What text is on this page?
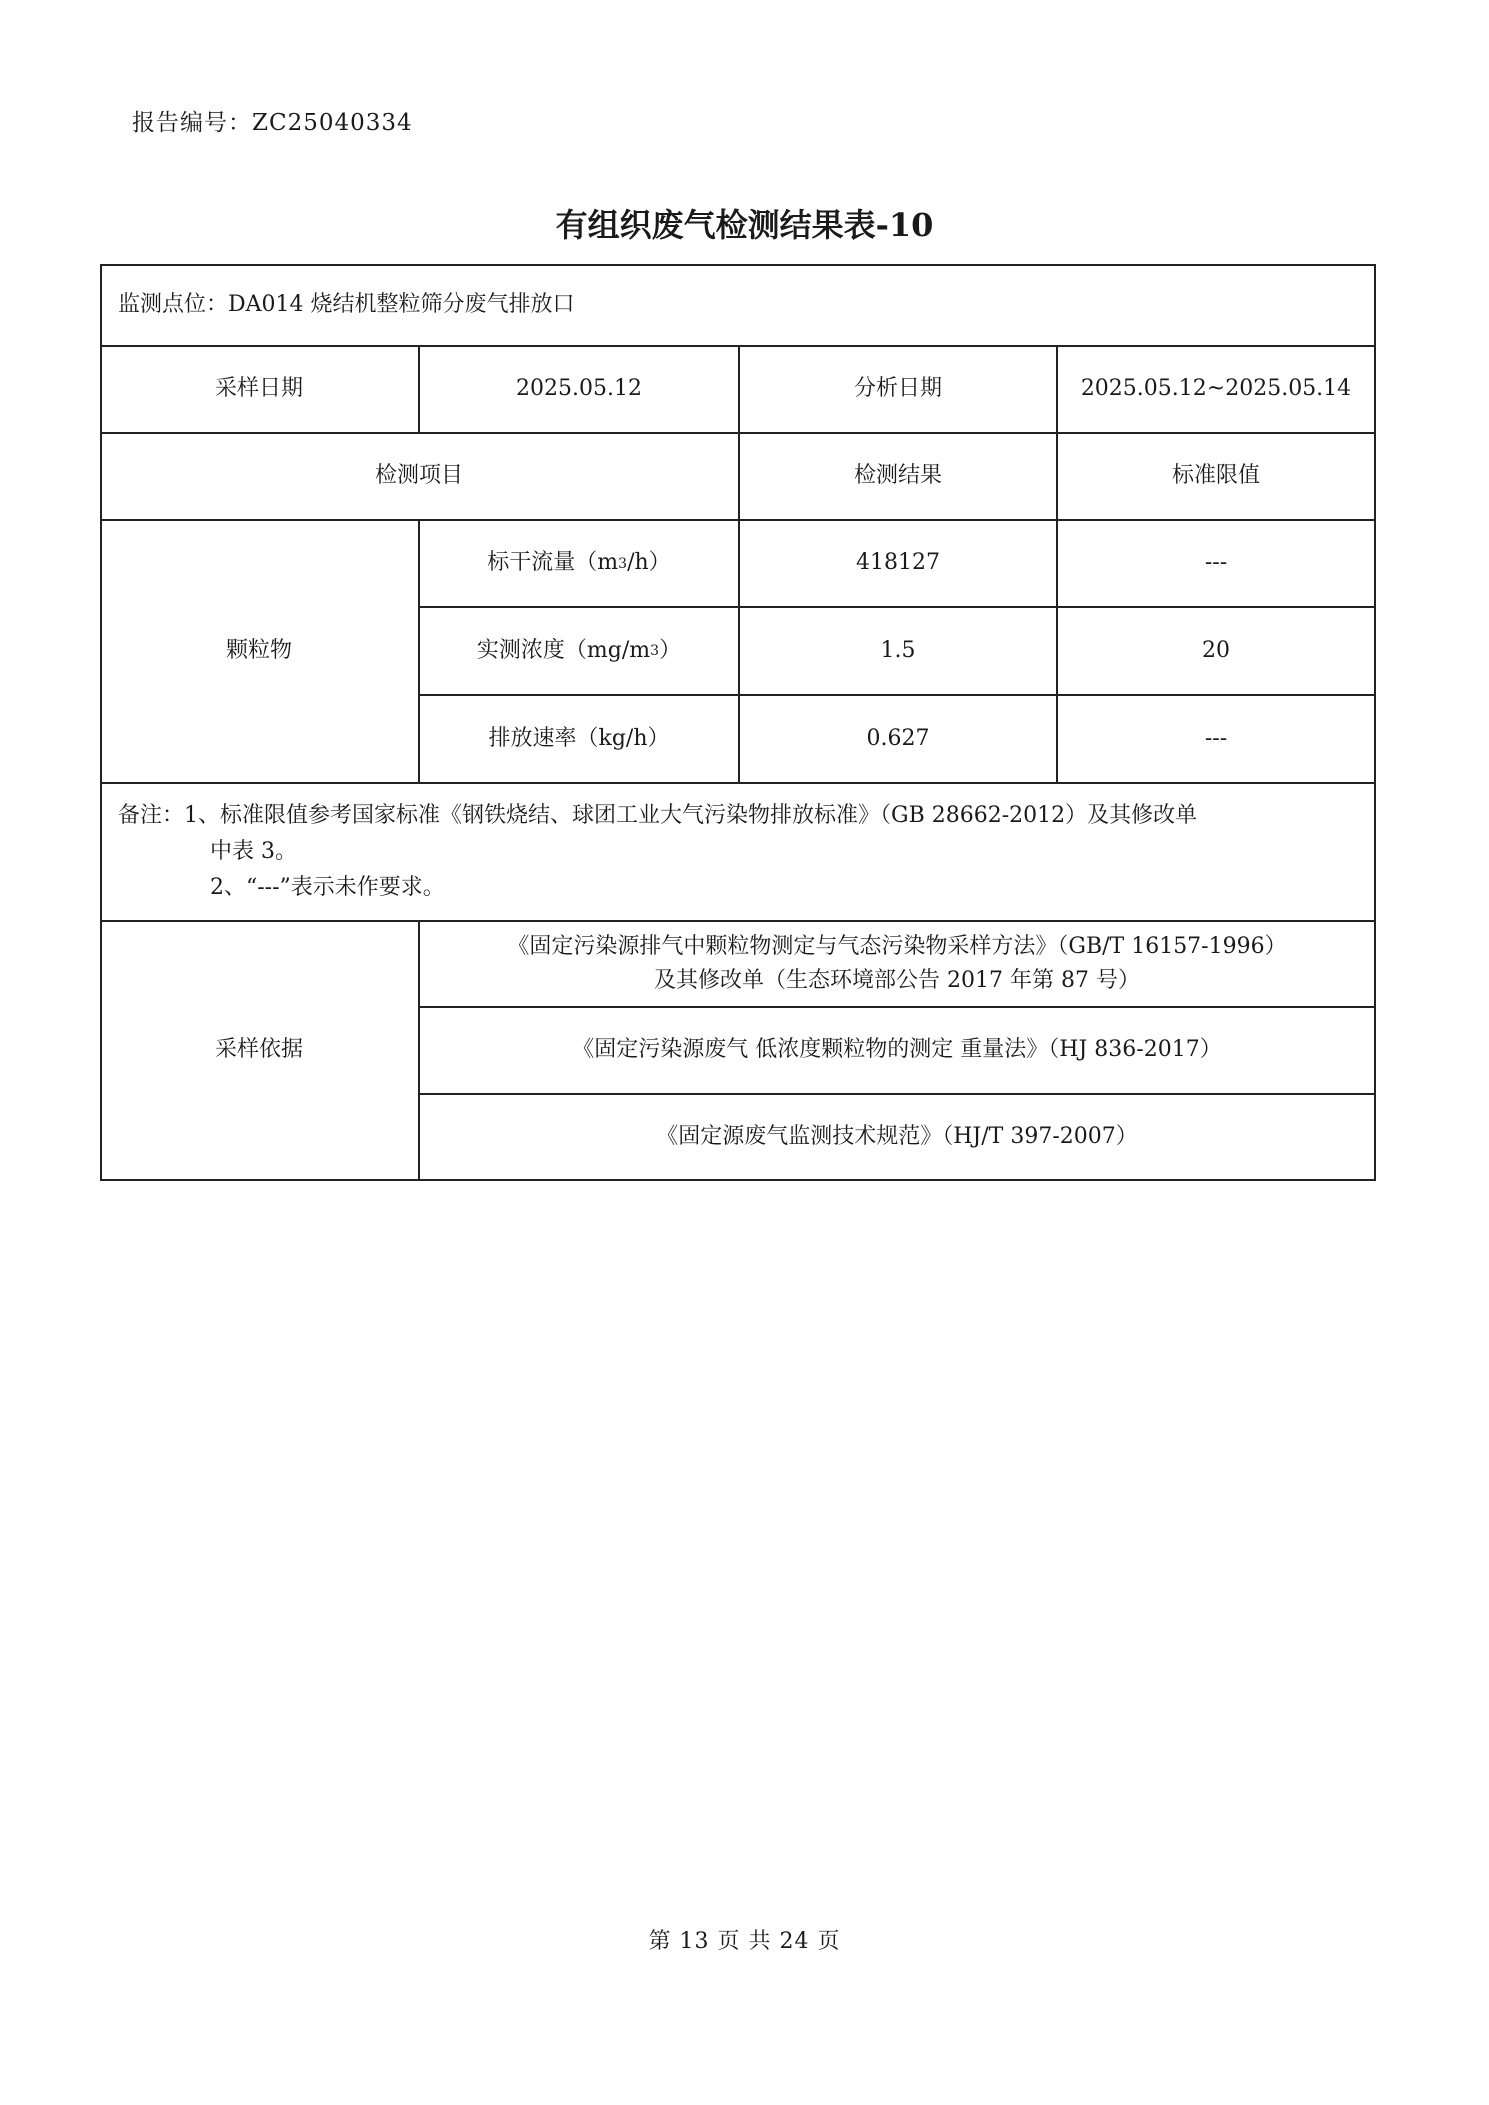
报告编号：ZC25040334
有组织废气检测结果表-10
监测点位：DA014 烧结机整粒筛分废气排放口
采样日期	2025.05.12	分析日期	2025.05.12~2025.05.14
检测项目	检测结果	标准限值
颗粒物
标干流量（m 3 /h）	418127	---
实测浓度（mg/m 3 ）	1.5	20
排放速率（kg/h）	0.627	---
备注：1、标准限值参考国家标准《钢铁烧结、球团工业大气污染物排放标准》（GB 28662-2012）及其修改单
中表 3。
2、“---”表示未作要求。
采样依据
《固定污染源排气中颗粒物测定与气态污染物采样方法》（GB/T 16157-1996）
及其修改单（生态环境部公告 2017 年第 87 号）
《固定污染源废气 低浓度颗粒物的测定 重量法》（HJ 836-2017）
《固定源废气监测技术规范》（HJ/T 397-2007）
第 13 页 共 24 页
